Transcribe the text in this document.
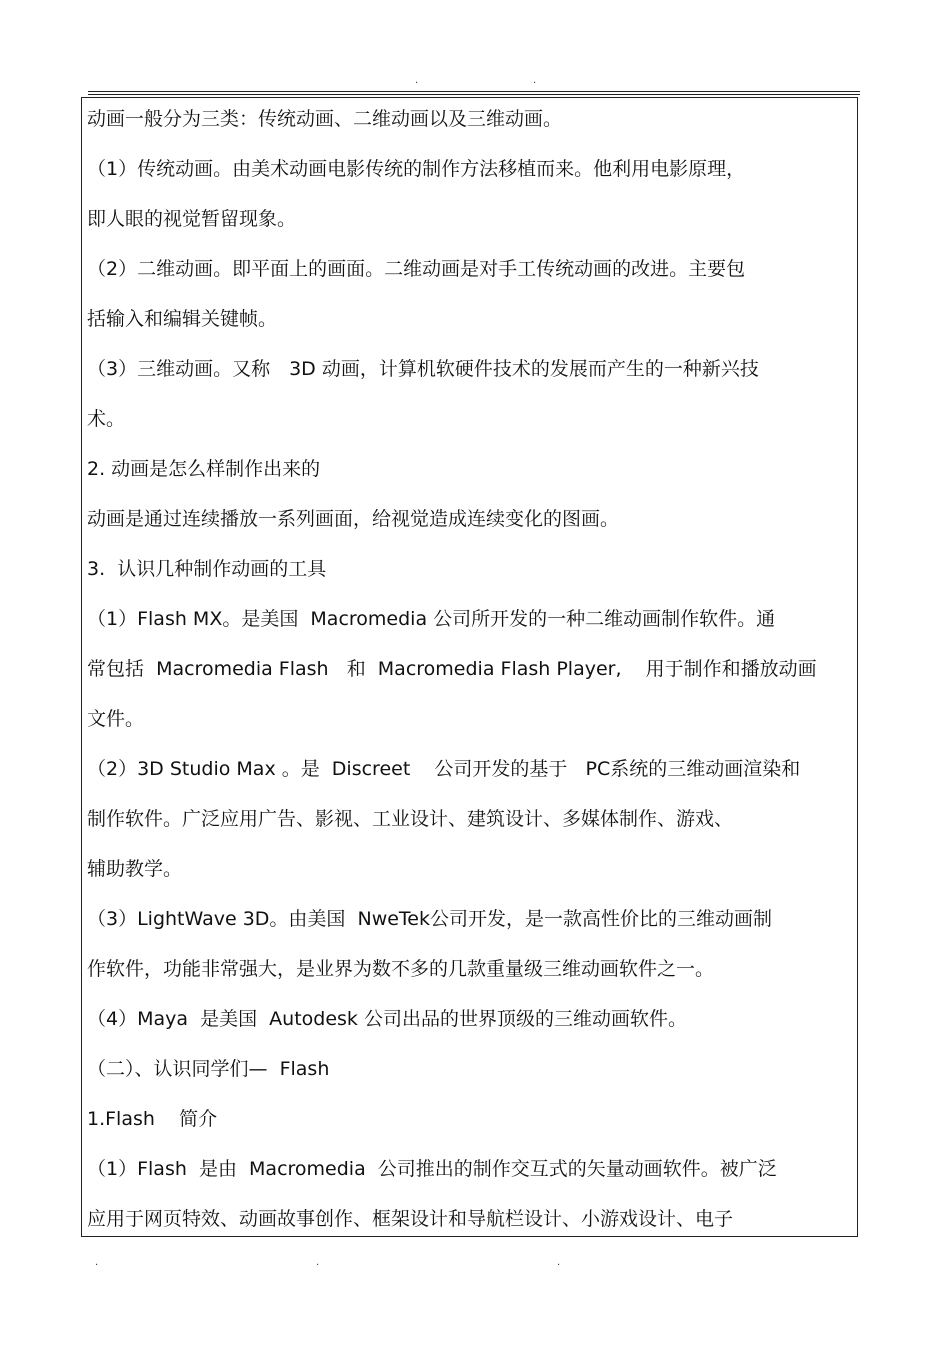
.	.
动画一般分为三类：传统动画、二维动画以及三维动画。
（1）传统动画。由美术动画电影传统的制作方法移植而来。他利用电影原理，
即人眼的视觉暂留现象。
（2）二维动画。即平面上的画面。二维动画是对手工传统动画的改进。主要包
括输入和编辑关键帧。
（3）三维动画。又称　3D 动画，计算机软硬件技术的发展而产生的一种新兴技
术。
2. 动画是怎么样制作出来的
动画是通过连续播放一系列画面，给视觉造成连续变化的图画。
3.  认识几种制作动画的工具
（1）Flash MX。是美国  Macromedia 公司所开发的一种二维动画制作软件。通
常包括  Macromedia Flash   和  Macromedia Flash Player,    用于制作和播放动画
文件。
（2）3D Studio Max 。是  Discreet    公司开发的基于   PC系统的三维动画渲染和
制作软件。广泛应用广告、影视、工业设计、建筑设计、多媒体制作、游戏、
辅助教学。
（3）LightWave 3D。由美国  NweTek公司开发，是一款高性价比的三维动画制
作软件，功能非常强大，是业界为数不多的几款重量级三维动画软件之一。
（4）Maya  是美国  Autodesk 公司出品的世界顶级的三维动画软件。
（二）、认识同学们—  Flash
1.Flash    简介
（1）Flash  是由  Macromedia  公司推出的制作交互式的矢量动画软件。被广泛
应用于网页特效、动画故事创作、框架设计和导航栏设计、小游戏设计、电子
.	.	.
